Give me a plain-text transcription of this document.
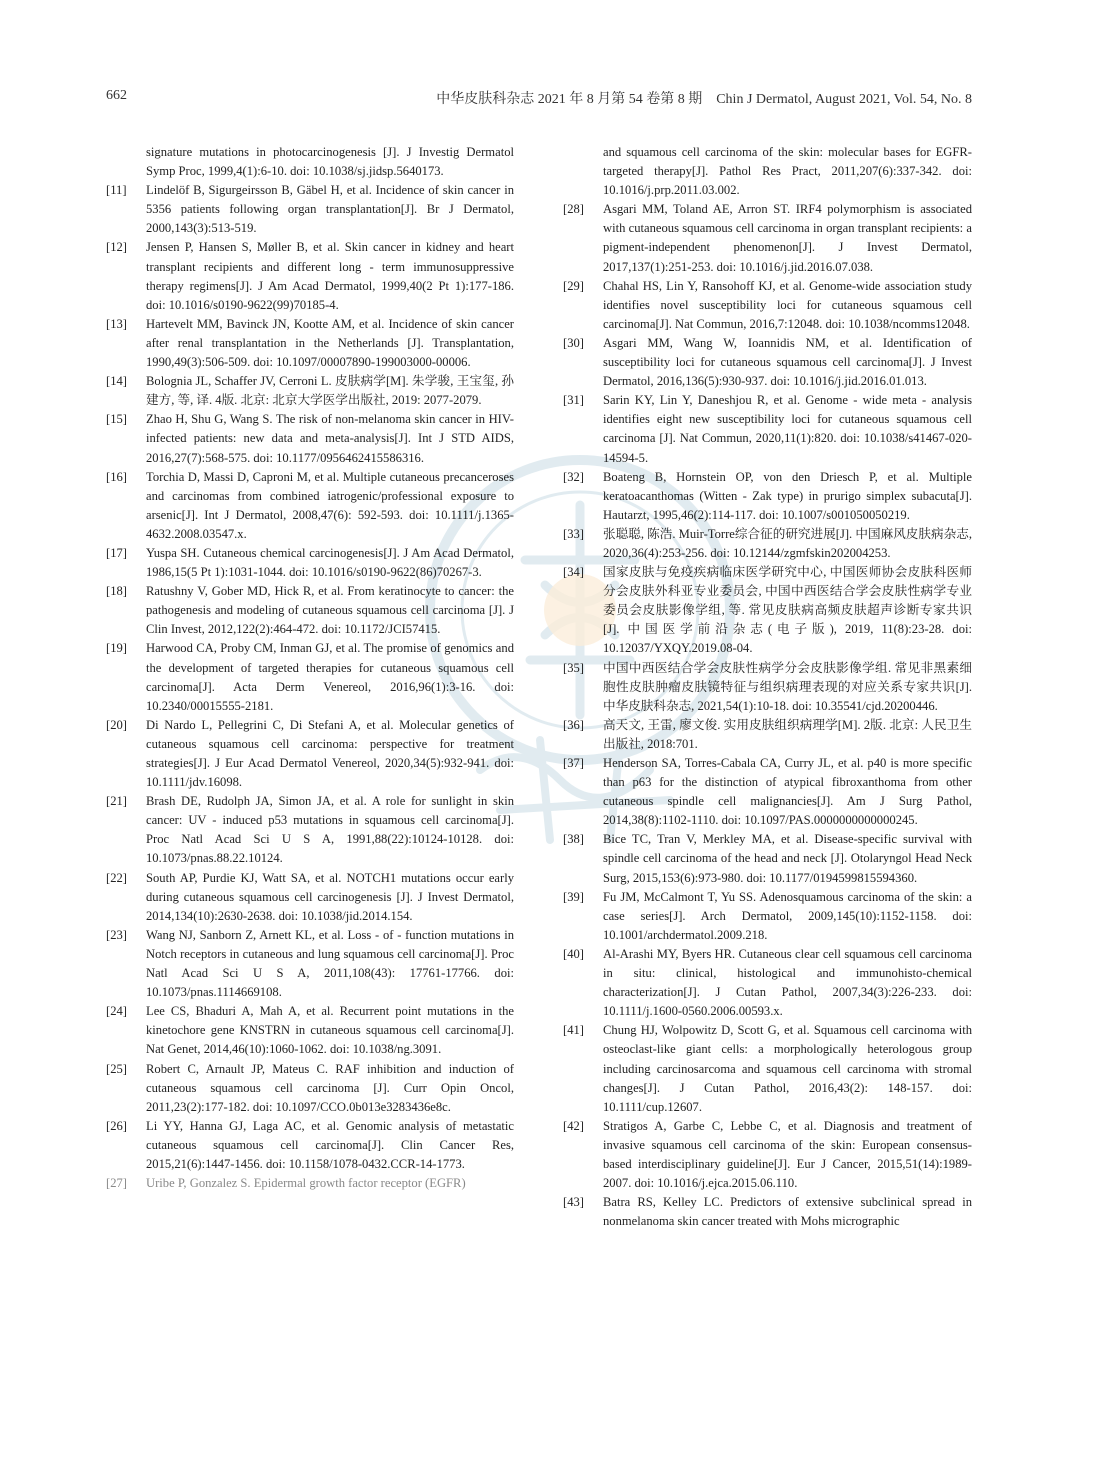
662	中华皮肤科杂志 2021 年 8 月第 54 卷第 8 期　Chin J Dermatol, August 2021, Vol. 54, No. 8

signature mutations in photocarcinogenesis [J]. J Investig Dermatol Symp Proc, 1999,4(1):6-10. doi: 10.1038/sj.jidsp.5640173.

[11]	Lindelöf B, Sigurgeirsson B, Gäbel H, et al. Incidence of skin cancer in 5356 patients following organ transplantation[J]. Br J Dermatol, 2000,143(3):513-519.

[12]	Jensen P, Hansen S, Møller B, et al. Skin cancer in kidney and heart transplant recipients and different long - term immunosuppressive therapy regimens[J]. J Am Acad Dermatol, 1999,40(2 Pt 1):177-186. doi: 10.1016/s0190-9622(99)70185-4.

[13]	Hartevelt MM, Bavinck JN, Kootte AM, et al. Incidence of skin cancer after renal transplantation in the Netherlands [J]. Transplantation, 1990,49(3):506-509. doi: 10.1097/00007890-199003000-00006.

[14]	Bolognia JL, Schaffer JV, Cerroni L. 皮肤病学[M]. 朱学骏, 王宝玺, 孙建方, 等, 译. 4版. 北京: 北京大学医学出版社, 2019: 2077-2079.

[15]	Zhao H, Shu G, Wang S. The risk of non-melanoma skin cancer in HIV-infected patients: new data and meta-analysis[J]. Int J STD AIDS, 2016,27(7):568-575. doi: 10.1177/0956462415586316.

[16]	Torchia D, Massi D, Caproni M, et al. Multiple cutaneous precanceroses and carcinomas from combined iatrogenic/professional exposure to arsenic[J]. Int J Dermatol, 2008,47(6): 592-593. doi: 10.1111/j.1365-4632.2008.03547.x.

[17]	Yuspa SH. Cutaneous chemical carcinogenesis[J]. J Am Acad Dermatol, 1986,15(5 Pt 1):1031-1044. doi: 10.1016/s0190-9622(86)70267-3.

[18]	Ratushny V, Gober MD, Hick R, et al. From keratinocyte to cancer: the pathogenesis and modeling of cutaneous squamous cell carcinoma [J]. J Clin Invest, 2012,122(2):464-472. doi: 10.1172/JCI57415.

[19]	Harwood CA, Proby CM, Inman GJ, et al. The promise of genomics and the development of targeted therapies for cutaneous squamous cell carcinoma[J]. Acta Derm Venereol, 2016,96(1):3-16. doi: 10.2340/00015555-2181.

[20]	Di Nardo L, Pellegrini C, Di Stefani A, et al. Molecular genetics of cutaneous squamous cell carcinoma: perspective for treatment strategies[J]. J Eur Acad Dermatol Venereol, 2020,34(5):932-941. doi: 10.1111/jdv.16098.

[21]	Brash DE, Rudolph JA, Simon JA, et al. A role for sunlight in skin cancer: UV - induced p53 mutations in squamous cell carcinoma[J]. Proc Natl Acad Sci U S A, 1991,88(22):10124-10128. doi: 10.1073/pnas.88.22.10124.

[22]	South AP, Purdie KJ, Watt SA, et al. NOTCH1 mutations occur early during cutaneous squamous cell carcinogenesis [J]. J Invest Dermatol, 2014,134(10):2630-2638. doi: 10.1038/jid.2014.154.

[23]	Wang NJ, Sanborn Z, Arnett KL, et al. Loss - of - function mutations in Notch receptors in cutaneous and lung squamous cell carcinoma[J]. Proc Natl Acad Sci U S A, 2011,108(43): 17761-17766. doi: 10.1073/pnas.1114669108.

[24]	Lee CS, Bhaduri A, Mah A, et al. Recurrent point mutations in the kinetochore gene KNSTRN in cutaneous squamous cell carcinoma[J]. Nat Genet, 2014,46(10):1060-1062. doi: 10.1038/ng.3091.

[25]	Robert C, Arnault JP, Mateus C. RAF inhibition and induction of cutaneous squamous cell carcinoma [J]. Curr Opin Oncol, 2011,23(2):177-182. doi: 10.1097/CCO.0b013e3283436e8c.

[26]	Li YY, Hanna GJ, Laga AC, et al. Genomic analysis of metastatic cutaneous squamous cell carcinoma[J]. Clin Cancer Res, 2015,21(6):1447-1456. doi: 10.1158/1078-0432.CCR-14-1773.

[27]	Uribe P, Gonzalez S. Epidermal growth factor receptor (EGFR)

and squamous cell carcinoma of the skin: molecular bases for EGFR-targeted therapy[J]. Pathol Res Pract, 2011,207(6):337-342. doi: 10.1016/j.prp.2011.03.002.

[28]	Asgari MM, Toland AE, Arron ST. IRF4 polymorphism is associated with cutaneous squamous cell carcinoma in organ transplant recipients: a pigment-independent phenomenon[J]. J Invest Dermatol, 2017,137(1):251-253. doi: 10.1016/j.jid.2016.07.038.

[29]	Chahal HS, Lin Y, Ransohoff KJ, et al. Genome-wide association study identifies novel susceptibility loci for cutaneous squamous cell carcinoma[J]. Nat Commun, 2016,7:12048. doi: 10.1038/ncomms12048.

[30]	Asgari MM, Wang W, Ioannidis NM, et al. Identification of susceptibility loci for cutaneous squamous cell carcinoma[J]. J Invest Dermatol, 2016,136(5):930-937. doi: 10.1016/j.jid.2016.01.013.

[31]	Sarin KY, Lin Y, Daneshjou R, et al. Genome - wide meta - analysis identifies eight new susceptibility loci for cutaneous squamous cell carcinoma [J]. Nat Commun, 2020,11(1):820. doi: 10.1038/s41467-020-14594-5.

[32]	Boateng B, Hornstein OP, von den Driesch P, et al. Multiple keratoacanthomas (Witten - Zak type) in prurigo simplex subacuta[J]. Hautarzt, 1995,46(2):114-117. doi: 10.1007/s001050050219.

[33]	张聪聪, 陈浩. Muir-Torre综合征的研究进展[J]. 中国麻风皮肤病杂志, 2020,36(4):253-256. doi: 10.12144/zgmfskin202004253.

[34]	国家皮肤与免疫疾病临床医学研究中心, 中国医师协会皮肤科医师分会皮肤外科亚专业委员会, 中国中西医结合学会皮肤性病学专业委员会皮肤影像学组, 等. 常见皮肤病高频皮肤超声诊断专家共识[J]. 中国医学前沿杂志(电子版), 2019, 11(8):23-28. doi: 10.12037/YXQY.2019.08-04.

[35]	中国中西医结合学会皮肤性病学分会皮肤影像学组. 常见非黑素细胞性皮肤肿瘤皮肤镜特征与组织病理表现的对应关系专家共识[J]. 中华皮肤科杂志, 2021,54(1):10-18. doi: 10.35541/cjd.20200446.

[36]	高天文, 王雷, 廖文俊. 实用皮肤组织病理学[M]. 2版. 北京: 人民卫生出版社, 2018:701.

[37]	Henderson SA, Torres-Cabala CA, Curry JL, et al. p40 is more specific than p63 for the distinction of atypical fibroxanthoma from other cutaneous spindle cell malignancies[J]. Am J Surg Pathol, 2014,38(8):1102-1110. doi: 10.1097/PAS.0000000000000245.

[38]	Bice TC, Tran V, Merkley MA, et al. Disease-specific survival with spindle cell carcinoma of the head and neck [J]. Otolaryngol Head Neck Surg, 2015,153(6):973-980. doi: 10.1177/0194599815594360.

[39]	Fu JM, McCalmont T, Yu SS. Adenosquamous carcinoma of the skin: a case series[J]. Arch Dermatol, 2009,145(10):1152-1158. doi: 10.1001/archdermatol.2009.218.

[40]	Al-Arashi MY, Byers HR. Cutaneous clear cell squamous cell carcinoma in situ: clinical, histological and immunohisto-chemical characterization[J]. J Cutan Pathol, 2007,34(3):226-233. doi: 10.1111/j.1600-0560.2006.00593.x.

[41]	Chung HJ, Wolpowitz D, Scott G, et al. Squamous cell carcinoma with osteoclast-like giant cells: a morphologically heterologous group including carcinosarcoma and squamous cell carcinoma with stromal changes[J]. J Cutan Pathol, 2016,43(2): 148-157. doi: 10.1111/cup.12607.

[42]	Stratigos A, Garbe C, Lebbe C, et al. Diagnosis and treatment of invasive squamous cell carcinoma of the skin: European consensus-based interdisciplinary guideline[J]. Eur J Cancer, 2015,51(14):1989-2007. doi: 10.1016/j.ejca.2015.06.110.

[43]	Batra RS, Kelley LC. Predictors of extensive subclinical spread in nonmelanoma skin cancer treated with Mohs micrographic
